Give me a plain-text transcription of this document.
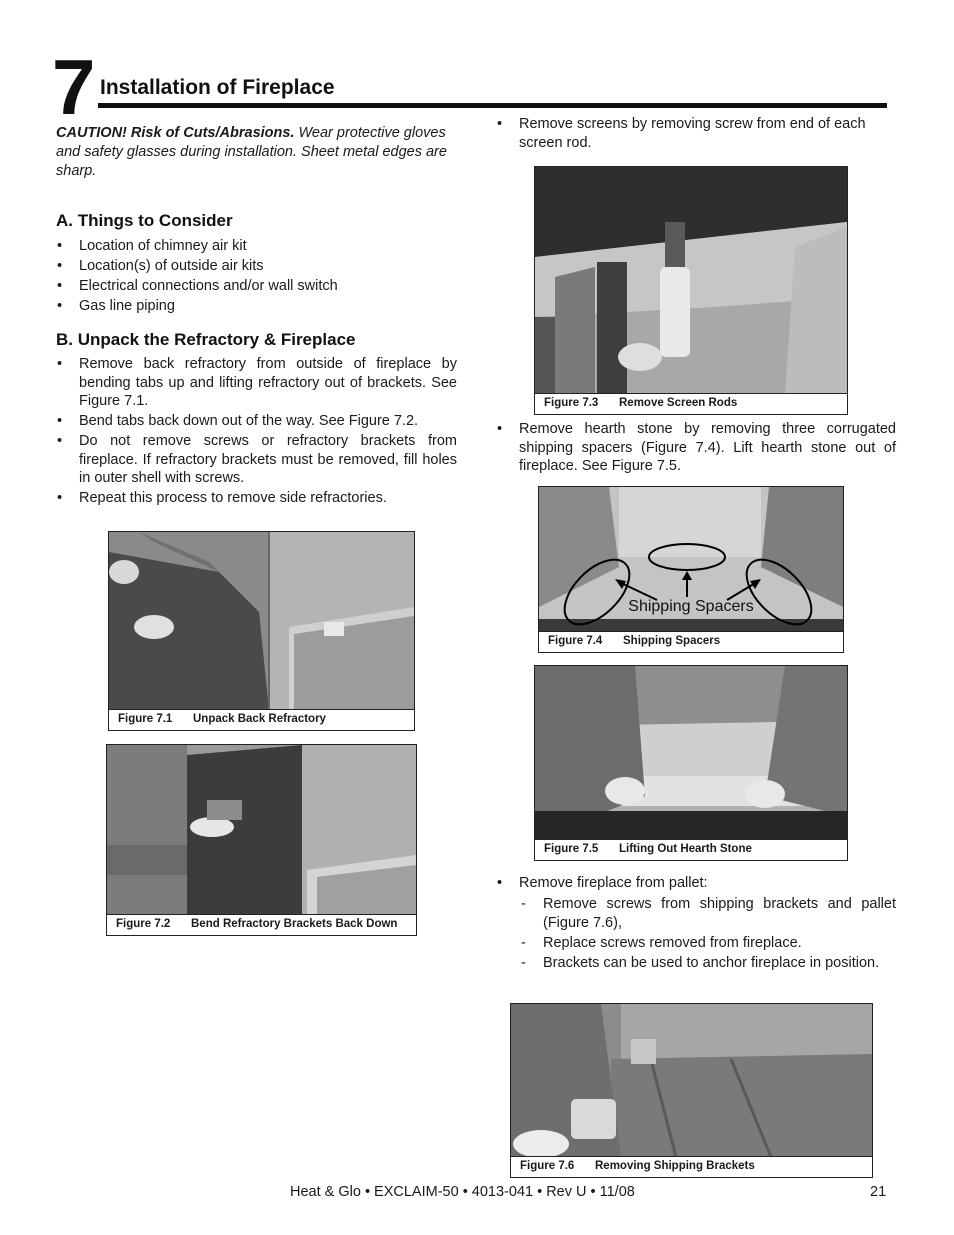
7 Installation of Fireplace
CAUTION! Risk of Cuts/Abrasions. Wear protective gloves and safety glasses during installation. Sheet metal edges are sharp.
A. Things to Consider
• Location of chimney air kit
• Location(s) of outside air kits
• Electrical connections and/or wall switch
• Gas line piping
B. Unpack the Refractory & Fireplace
• Remove back refractory from outside of fireplace by bending tabs up and lifting refractory out of brackets. See Figure 7.1.
• Bend tabs back down out of the way. See Figure 7.2.
• Do not remove screws or refractory brackets from fireplace. If refractory brackets must be removed, fill holes in outer shell with screws.
• Repeat this process to remove side refractories.
Figure 7.1 Unpack Back Refractory
Figure 7.2 Bend Refractory Brackets Back Down
• Remove screens by removing screw from end of each screen rod.
Figure 7.3 Remove Screen Rods
• Remove hearth stone by removing three corrugated shipping spacers (Figure 7.4). Lift hearth stone out of fireplace. See Figure 7.5.
Shipping Spacers
Figure 7.4 Shipping Spacers
Figure 7.5 Lifting Out Hearth Stone
• Remove fireplace from pallet:
- Remove screws from shipping brackets and pallet (Figure 7.6),
- Replace screws removed from fireplace.
- Brackets can be used to anchor fireplace in position.
Figure 7.6 Removing Shipping Brackets
Heat & Glo • EXCLAIM-50 • 4013-041 • Rev U • 11/08	21
